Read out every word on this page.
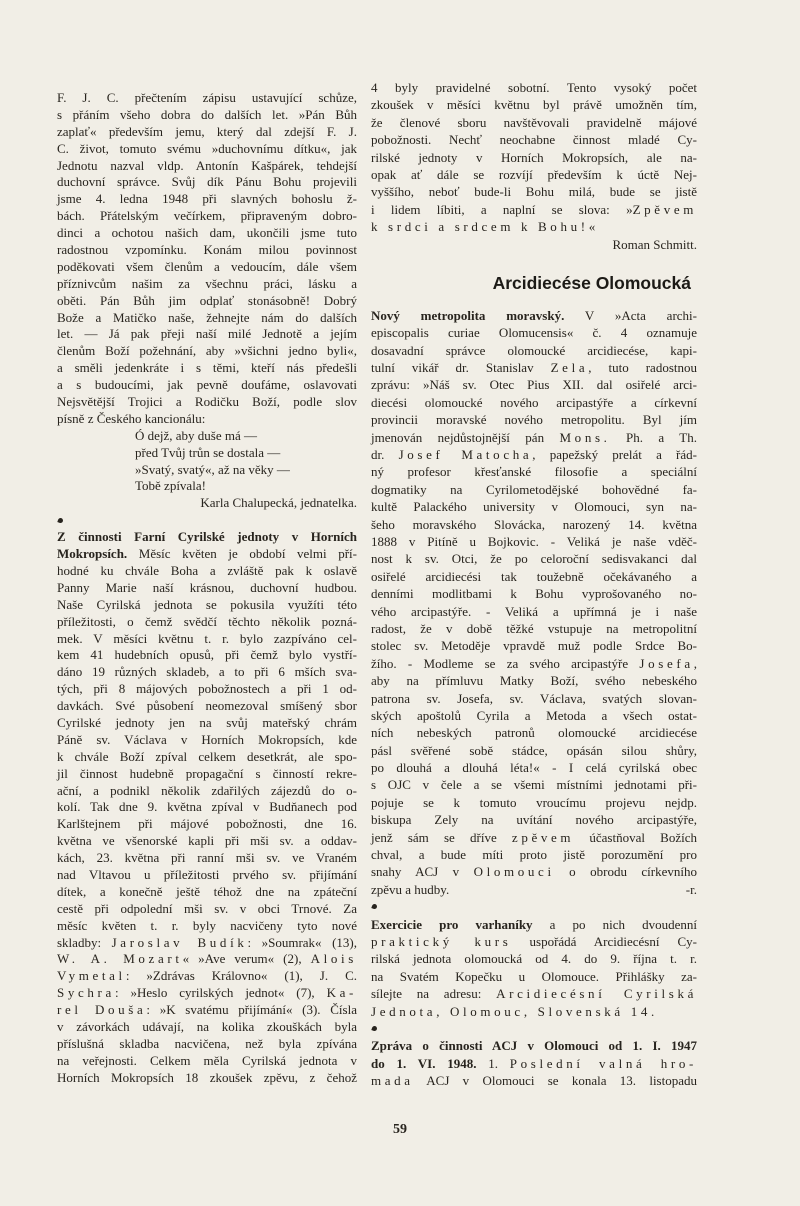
F. J. C. přečtením zápisu ustavující schůze,
s přáním všeho dobra do dalších let. »Pán Bůh
zaplať« především jemu, který dal zdejší F. J.
C. život, tomuto svému »duchovnímu dítku«, jak
Jednotu nazval vldp. Antonín Kašpárek, tehdejší
duchovní správce. Svůj dík Pánu Bohu projevili
jsme 4. ledna 1948 při slavných bohoslu ž-
bách. Přátelským večírkem, připraveným dobro-
dinci a ochotou našich dam, ukončili jsme tuto
radostnou vzpomínku. Konám milou povinnost
poděkovati všem členům a vedoucím, dále všem
příznivcům našim za všechnu práci, lásku a
oběti. Pán Bůh jim odplať stonásobně! Dobrý
Bože a Matičko naše, žehnejte nám do dalších
let. — Já pak přeji naší milé Jednotě a jejím
členům Boží požehnání, aby »všichni jedno byli«,
a směli jedenkráte i s těmi, kteří nás předešli
a s budoucími, jak pevně doufáme, oslavovati
Nejsvětější Trojici a Rodičku Boží, podle slov
písně z Českého kancionálu:
Ó dejž, aby duše má —
před Tvůj trůn se dostala —
»Svatý, svatý«, až na věky —
Tobě zpívala!
Karla Chalupecká, jednatelka.
Z činnosti Farní Cyrilské jednoty v Horních
Mokropsích. Měsíc květen je období velmi pří-
hodné ku chvále Boha a zvláště pak k oslavě
Panny Marie naší krásnou, duchovní hudbou.
Naše Cyrilská jednota se pokusila využíti této
příležitosti, o čemž svědčí těchto několik pozná-
mek. V měsíci květnu t. r. bylo zazpíváno cel-
kem 41 hudebních opusů, při čemž bylo vystří-
dáno 19 různých skladeb, a to při 6 mších sva-
tých, při 8 májových pobožnostech a při 1 od-
davkách. Své působení neomezoval smíšený sbor
Cyrilské jednoty jen na svůj mateřský chrám
Páně sv. Václava v Horních Mokropsích, kde
k chvále Boží zpíval celkem desetkrát, ale spo-
jil činnost hudebně propagační s činností rekre-
ační, a podnikl několik zdařilých zájezdů do o-
kolí. Tak dne 9. května zpíval v Budňanech pod
Karlštejnem při májové pobožnosti, dne 16.
května ve všenorské kapli při mši sv. a oddav-
kách, 23. května při ranní mši sv. ve Vraném
nad Vltavou u příležitosti prvého sv. přijímání
dítek, a konečně ještě téhož dne na zpáteční
cestě při odpolední mši sv. v obci Trnové. Za
měsíc květen t. r. byly nacvičeny tyto nové
skladby: Jaroslav Budík: »Soumrak« (13),
W. A. Mozart« »Ave verum« (2), Alois
Vymetal: »Zdrávas Královno« (1), J. C.
Sychra: »Heslo cyrilských jednot« (7), Ka-
rel Douša: »K svatému přijímání« (3). Čísla
v závorkách udávají, na kolika zkouškách byla
příslušná skladba nacvičena, než byla zpívána
na veřejnosti. Celkem měla Cyrilská jednota v
Horních Mokropsích 18 zkoušek zpěvu, z čehož
4 byly pravidelné sobotní. Tento vysoký počet
zkoušek v měsíci květnu byl právě umožněn tím,
že členové sboru navštěvovali pravidelně májové
pobožnosti. Nechť neochabne činnost mladé Cy-
rilské jednoty v Horních Mokropsích, ale na-
opak ať dále se rozvíjí především k úctě Nej-
vyššího, neboť bude-li Bohu milá, bude se jistě
i lidem líbiti, a naplní se slova: »Zpěvem
k srdci a srdcem k Bohu!«
Roman Schmitt.
Arcidiecése Olomoucká
Nový metropolita moravský. V »Acta archi-
episcopalis curiae Olomucensis« č. 4 oznamuje
dosavadní správce olomoucké arcidiecése, kapi-
tulní vikář dr. Stanislav Zela, tuto radostnou
zprávu: »Náš sv. Otec Pius XII. dal osiřelé arci-
diecési olomoucké nového arcipastýře a církevní
provincii moravské nového metropolitu. Byl jím
jmenován nejdůstojnější pán Mons. Ph. a Th.
dr. Josef Matocha, papežský prelát a řád-
ný profesor křesťanské filosofie a speciální
dogmatiky na Cyrilometodějské bohovědné fa-
kultě Palackého university v Olomouci, syn na-
šeho moravského Slovácka, narozený 14. května
1888 v Pitíně u Bojkovic. - Veliká je naše vděč-
nost k sv. Otci, že po celoroční sedisvakanci dal
osiřelé arcidiecési tak toužebně očekávaného a
denními modlitbami k Bohu vyprošovaného no-
vého arcipastýře. - Veliká a upřímná je i naše
radost, že v době těžké vstupuje na metropolitní
stolec sv. Metoděje vpravdě muž podle Srdce Bo-
žího. - Modleme se za svého arcipastýře Josefa,
aby na přímluvu Matky Boží, svého nebeského
patrona sv. Josefa, sv. Václava, svatých slovan-
ských apoštolů Cyrila a Metoda a všech ostat-
ních nebeských patronů olomoucké arcidiecése
pásl svěřené sobě stádce, opásán silou shůry,
po dlouhá a dlouhá léta!« - I celá cyrilská obec
s OJC v čele a se všemi místními jednotami při-
pojuje se k tomuto vroucímu projevu nejdp.
biskupa Zely na uvítání nového arcipastýře,
jenž sám se dříve zpěvem účastňoval Božích
chval, a bude míti proto jistě porozumění pro
snahy ACJ v Olomouci o obrodu církevního
zpěvu a hudby.	-r.
Exercicie pro varhaníky a po nich dvoudenní
praktický kurs uspořádá Arcidiecésní Cy-
rilská jednota olomoucká od 4. do 9. října t. r.
na Svatém Kopečku u Olomouce. Přihlášky za-
sílejte na adresu: Arcidiecésní Cyrilská
Jednota, Olomouc, Slovenská 14.
Zpráva o činnosti ACJ v Olomouci od 1. I. 1947
do 1. VI. 1948. 1. Poslední valná hro-
mada ACJ v Olomouci se konala 13. listopadu
59
